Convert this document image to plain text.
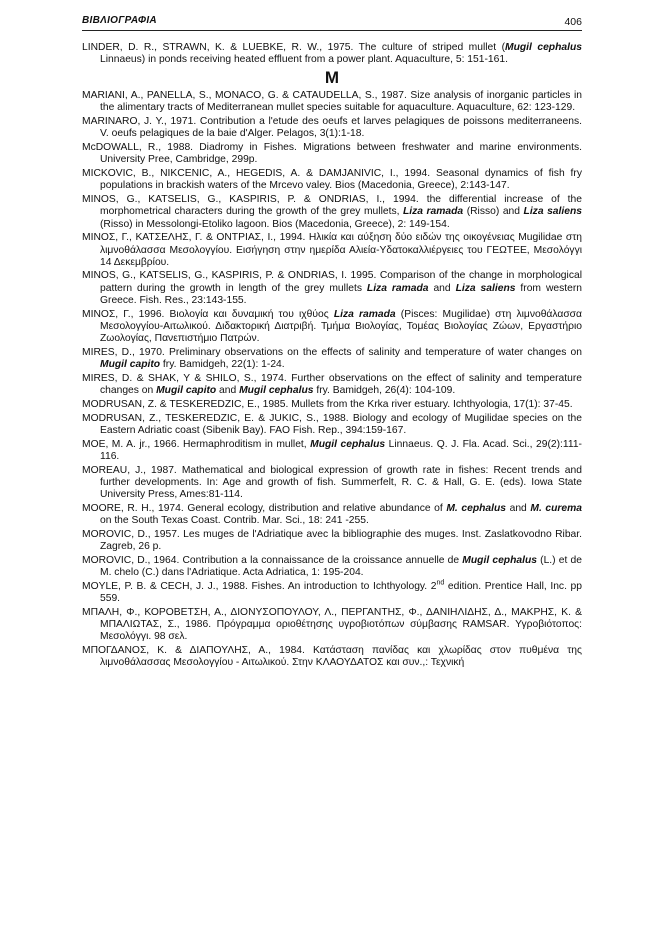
ΒΙΒΛΙΟΓΡΑΦΙΑ	406

LINDER, D. R., STRAWN, K. & LUEBKE, R. W., 1975. The culture of striped mullet (Mugil cephalus Linnaeus) in ponds receiving heated effluent from a power plant. Aquaculture, 5: 151-161.

M

MARIANI, A., PANELLA, S., MONACO, G. & CATAUDELLA, S., 1987. Size analysis of inorganic particles in the alimentary tracts of Mediterranean mullet species suitable for aquaculture. Aquaculture, 62: 123-129.

MARINARO, J. Y., 1971. Contribution a l'etude des oeufs et larves pelagiques de poissons mediterraneens. V. oeufs pelagiques de la baie d'Alger. Pelagos, 3(1):1-18.

McDOWALL, R., 1988. Diadromy in Fishes. Migrations between freshwater and marine environments. University Pree, Cambridge, 299p.

MICKOVIC, B., NIKCENIC, A., HEGEDIS, A. & DAMJANIVIC, I., 1994. Seasonal dynamics of fish fry populations in brackish waters of the Mrcevo valey. Bios (Macedonia, Greece), 2:143-147.

MINOS, G., KATSELIS, G., KASPIRIS, P. & ONDRIAS, I., 1994. the differential increase of the morphometrical characters during the growth of the grey mullets, Liza ramada (Risso) and Liza saliens (Risso) in Messolongi-Etoliko lagoon. Bios (Macedonia, Greece), 2: 149-154.

ΜΙΝΟΣ, Γ., ΚΑΤΣΕΛΗΣ, Γ. & ΟΝΤΡΙΑΣ, Ι., 1994. Ηλικία και αύξηση δύο ειδών της οικογένειας Mugilidae στη λιμνοθάλασσα Μεσολογγίου. Εισήγηση στην ημερίδα Αλιεία-Υδατοκαλλιέργειες του ΓΕΩΤΕΕ, Μεσολόγγι 14 Δεκεμβρίου.

MINOS, G., KATSELIS, G., KASPIRIS, P. & ONDRIAS, I. 1995. Comparison of the change in morphological pattern during the growth in length of the grey mullets Liza ramada and Liza saliens from western Greece. Fish. Res., 23:143-155.

ΜΙΝΟΣ, Γ., 1996. Βιολογία και δυναμική του ιχθύος Liza ramada (Pisces: Mugilidae) στη λιμνοθάλασσα Μεσολογγίου-Αιτωλικού. Διδακτορική Διατριβή. Τμήμα Βιολογίας, Τομέας Βιολογίας Ζώων, Εργαστήριο Ζωολογίας, Πανεπιστήμιο Πατρών.

MIRES, D., 1970. Preliminary observations on the effects of salinity and temperature of water changes on Mugil capito fry. Bamidgeh, 22(1): 1-24.

MIRES, D. & SHAK, Y & SHILO, S., 1974. Further observations on the effect of salinity and temperature changes on Mugil capito and Mugil cephalus fry. Bamidgeh, 26(4): 104-109.

MODRUSAN, Z. & TESKEREDZIC, E., 1985. Mullets from the Krka river estuary. Ichthyologia, 17(1): 37-45.

MODRUSAN, Z., TESKEREDZIC, E. & JUKIC, S., 1988. Biology and ecology of Mugilidae species on the Eastern Adriatic coast (Sibenik Bay). FAO Fish. Rep., 394:159-167.

MOE, M. A. jr., 1966. Hermaphroditism in mullet, Mugil cephalus Linnaeus. Q. J. Fla. Acad. Sci., 29(2):111-116.

MOREAU, J., 1987. Mathematical and biological expression of growth rate in fishes: Recent trends and further developments. In: Age and growth of fish. Summerfelt, R. C. & Hall, G. E. (eds). Iowa State University Press, Ames:81-114.

MOORE, R. H., 1974. General ecology, distribution and relative abundance of M. cephalus and M. curema on the South Texas Coast. Contrib. Mar. Sci., 18: 241 -255.

MOROVIC, D., 1957. Les muges de l'Adriatique avec la bibliographie des muges. Inst. Zaslatkovodno Ribar. Zagreb, 26 p.

MOROVIC, D., 1964. Contribution a la connaissance de la croissance annuelle de Mugil cephalus (L.) et de M. chelo (C.) dans l'Adriatique. Acta Adriatica, 1: 195-204.

MOYLE, P. B. & CECH, J. J., 1988. Fishes. An introduction to Ichthyology. 2nd edition. Prentice Hall, Inc. pp 559.

ΜΠΑΛΗ, Φ., ΚΟΡΟΒΕΤΣΗ, Α., ΔΙΟΝΥΣΟΠΟΥΛΟΥ, Λ., ΠΕΡΓΑΝΤΗΣ, Φ., ΔΑΝΙΗΛΙΔΗΣ, Δ., ΜΑΚΡΗΣ, Κ. & ΜΠΑΛΙΩΤΑΣ, Σ., 1986. Πρόγραμμα οριοθέτησης υγροβιοτόπων σύμβασης RAMSAR. Υγροβιότοπος: Μεσολόγγι. 98 σελ.

ΜΠΟΓΔΑΝΟΣ, Κ. & ΔΙΑΠΟΥΛΗΣ, Α., 1984. Κατάσταση πανίδας και χλωρίδας στον πυθμένα της λιμνοθάλασσας Μεσολογγίου - Αιτωλικού. Στην ΚΛΑΟΥΔΑΤΟΣ και συν.,: Τεχνική
